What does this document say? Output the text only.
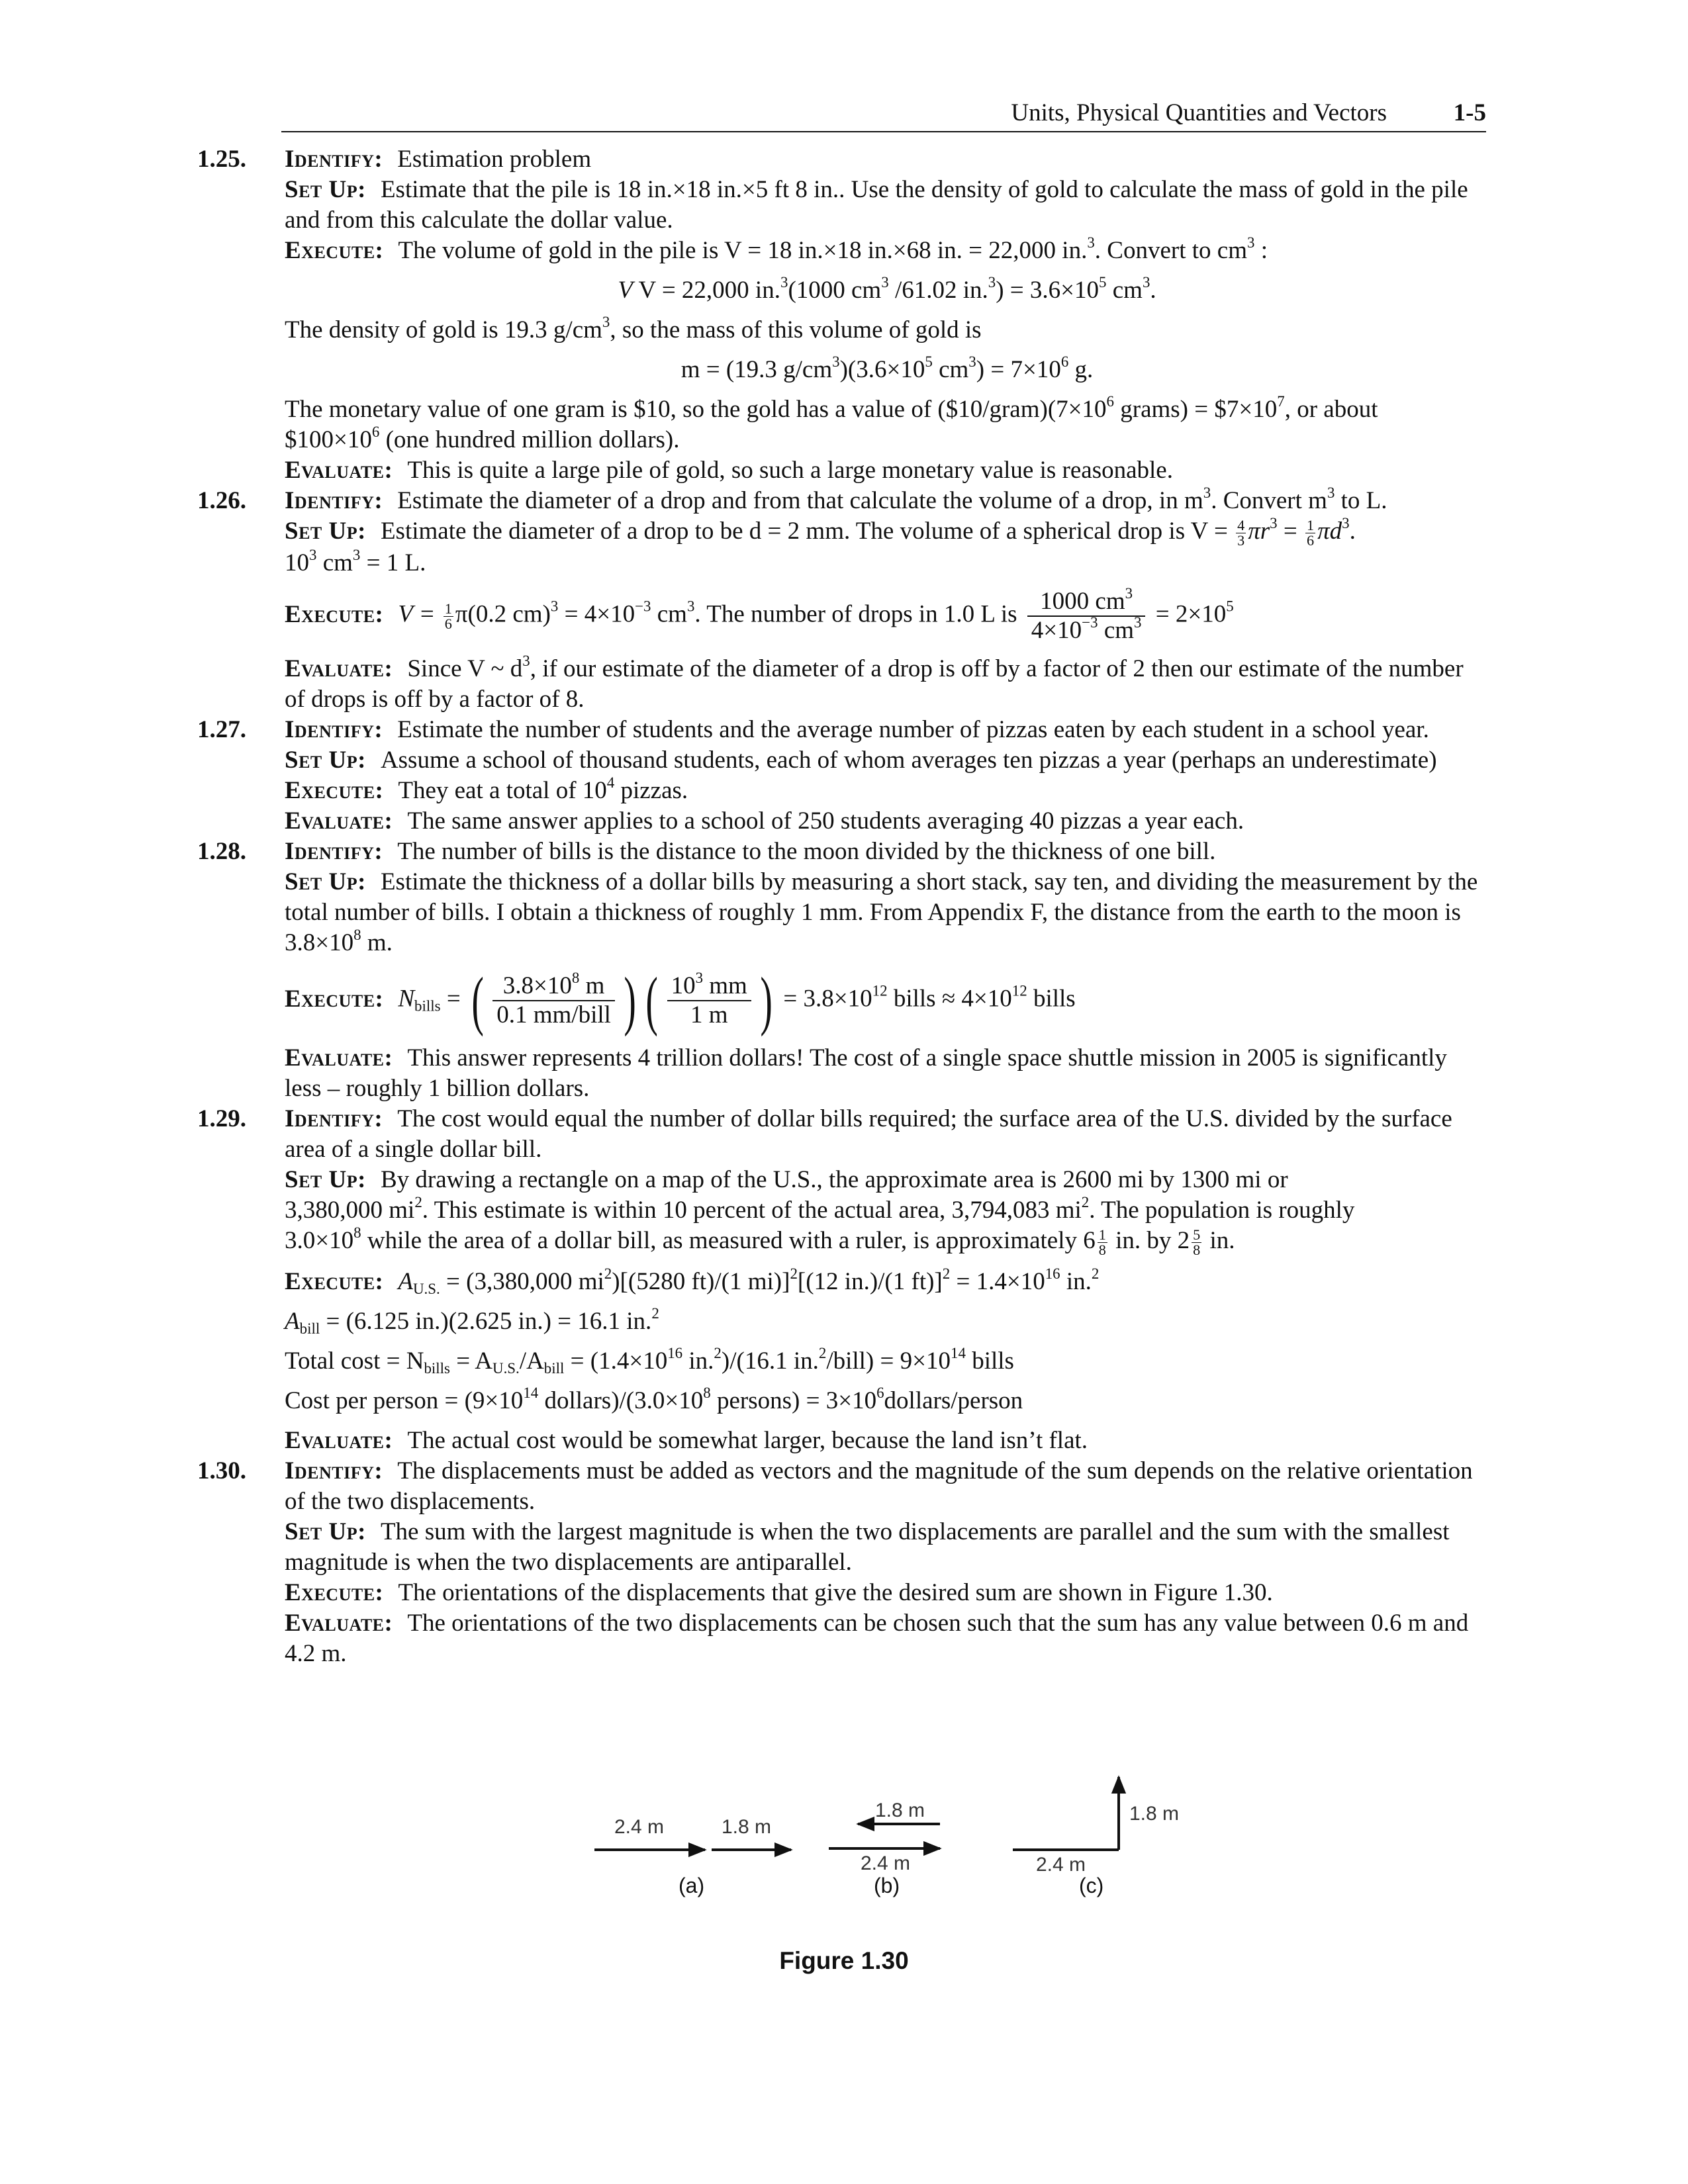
Units, Physical Quantities and Vectors	1-5
1.25. Identify: Estimation problem

Set Up: Estimate that the pile is 18 in.×18 in.×5 ft 8 in.. Use the density of gold to calculate the mass of gold in the pile and from this calculate the dollar value.

Execute: The volume of gold in the pile is V = 18 in.×18 in.×68 in. = 22,000 in.$^3$. Convert to $cm^3$ :

V V = 22,000 in.$^3$(1000 $cm^3$ /61.02 $in.^3) = 3.6\times 10^5$ $cm^3$.

The density of gold is 19.3 $g/cm^3$, so the mass of this volume of gold is

m = (19.3 $g/cm^3)(3.6\times 10^5$ $cm^3) = 7\times 10^6$ g.

The monetary value of one gram is $10, so the gold has a value of $(\$10/gram)(7\times 10^6$ grams) = $\$7\times 10^7$, or about

$\$100\times 10^6$ (one hundred million dollars).

Evaluate: This is quite a large pile of gold, so such a large monetary value is reasonable.

1.26. Identify: Estimate the diameter of a drop and from that calculate the volume of a drop, in $m^3$. Convert $m^3$ to L.

Set Up: Estimate the diameter of a drop to be d = 2 mm. The volume of a spherical drop is $V = \frac{4}{3} \pi r^3 = \frac{1}{6} \pi d^3$.

$10^3$ $cm^3 = 1$ L.

Execute: $V = \frac{1}{6} \pi(0.2$ $cm)^3 = 4\times 10^{-3}$ $cm^3$. The number of drops in 1.0 L is $\frac{1000 cm^3}{4\times 10^{-3} cm^3} = 2\times 10^5$

Evaluate: Since V ~ $d^3$, if our estimate of the diameter of a drop is off by a factor of 2 then our estimate of the number of drops is off by a factor of 8.

1.27. Identify: Estimate the number of students and the average number of pizzas eaten by each student in a school year.

Set Up: Assume a school of thousand students, each of whom averages ten pizzas a year (perhaps an underestimate)

Execute: They eat a total of $10^4$ pizzas.

Evaluate: The same answer applies to a school of 250 students averaging 40 pizzas a year each.

1.28. Identify: The number of bills is the distance to the moon divided by the thickness of one bill.

Set Up: Estimate the thickness of a dollar bills by measuring a short stack, say ten, and dividing the measurement by the total number of bills. I obtain a thickness of roughly 1 mm. From Appendix F, the distance from the earth to the moon is $3.8\times 10^8$ m.

Execute: $N_{bills}$ = ( $\frac{3.8\times 10^8 m}{\text{0.1 mm/bill}}$ ) ( $\frac{10^3 mm}{1 m}$ ) = $3.8\times 10^{12}$ bills ≈ $4\times 10^{12}$ bills

Evaluate: This answer represents 4 trillion dollars! The cost of a single space shuttle mission in 2005 is significantly less – roughly 1 billion dollars.

1.29. Identify: The cost would equal the number of dollar bills required; the surface area of the U.S. divided by the surface area of a single dollar bill.

Set Up: By drawing a rectangle on a map of the U.S., the approximate area is 2600 mi by 1300 mi or

3,380,000 $mi^2$. This estimate is within 10 percent of the actual area, 3,794,083 $mi^2$. The population is roughly

$3.0\times 10^8$ while the area of a dollar bill, as measured with a ruler, is approximately $6 \frac{1}{8}$ in. by $2 \frac{5}{8}$ in.

Execute: $A_{U.S.} = (3,380,000$ $mi^2)[(5280$ ft)/(1 mi)]$^2$[(12 in.)/(1 $ft)]^2 = 1.4\times 10^{16}$ in.$^2$

$A_{bill} = (6.125$ in.)(2.625 in.) = 16.1 in.$^2$

Total $\cos t = N_{bills} = A_{U.S.}/A_{bill} = (1.4\times 10^{16}$ in.$^2$)/(16.1 in.$^2$/bill) = $9\times 10^{14}$ bills

Cost per person = ($9\times 10^{14}$ $dollars)/(3.0\times 10^8$ persons) = $3\times 10^6dollars$/person

Evaluate: The actual cost would be somewhat larger, because the land isn’t flat.

1.30. Identify: The displacements must be added as vectors and the magnitude of the sum depends on the relative orientation of the two displacements.

Set Up: The sum with the largest magnitude is when the two displacements are parallel and the sum with the smallest magnitude is when the two displacements are antiparallel.

Execute: The orientations of the displacements that give the desired sum are shown in Figure 1.30.

Evaluate: The orientations of the two displacements can be chosen such that the sum has any value between 0.6 m and 4.2 m.

2.4 m	1.8 m
(a)
1.8 m
2.4 m
(b)
1.8 m
2.4 m
(c)
Figure 1.30
